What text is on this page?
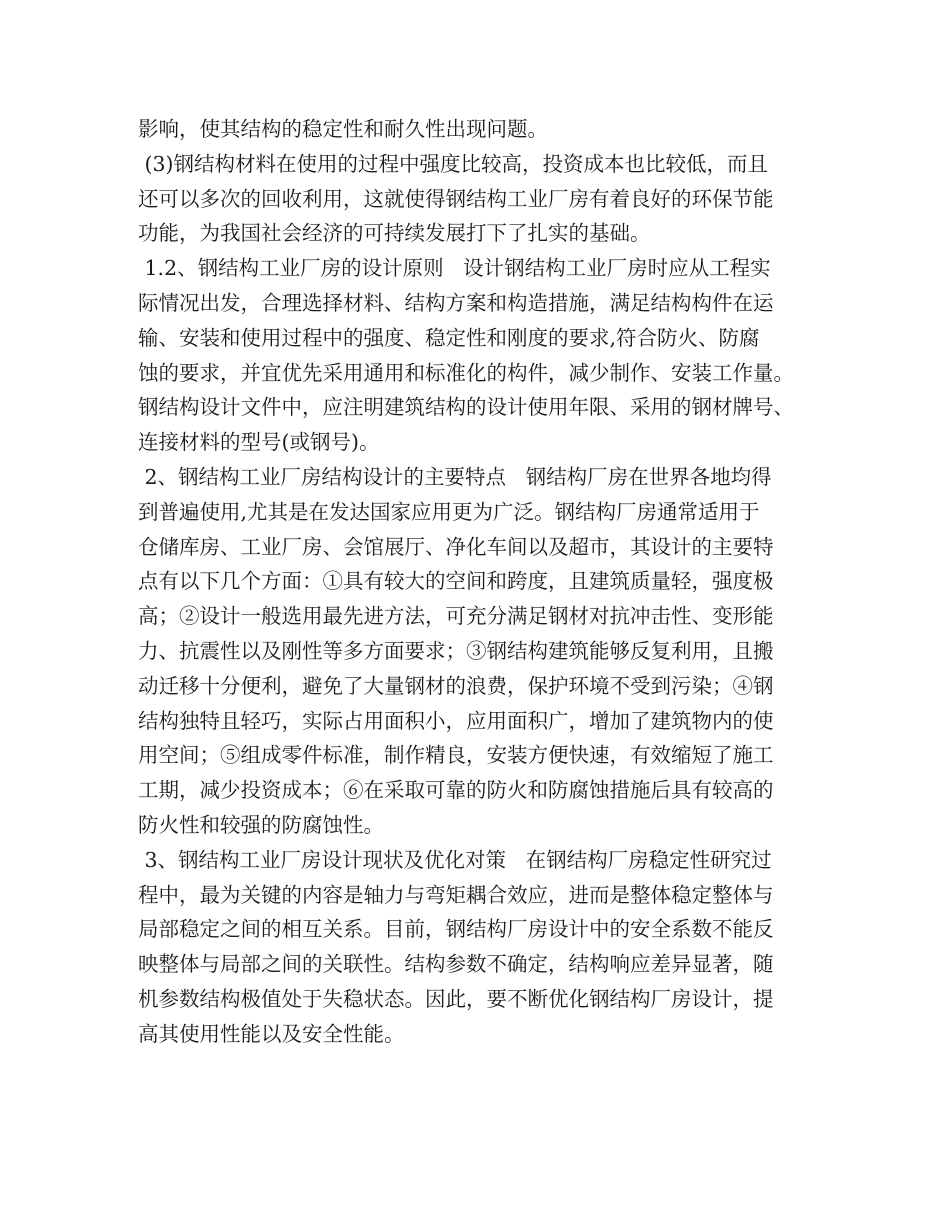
影响，使其结构的稳定性和耐久性出现问题。
(3)钢结构材料在使用的过程中强度比较高，投资成本也比较低，而且
还可以多次的回收利用，这就使得钢结构工业厂房有着良好的环保节能
功能，为我国社会经济的可持续发展打下了扎实的基础。
1.2、钢结构工业厂房的设计原则   设计钢结构工业厂房时应从工程实
际情况出发，合理选择材料、结构方案和构造措施，满足结构构件在运
输、安装和使用过程中的强度、稳定性和刚度的要求,符合防火、防腐
蚀的要求，并宜优先采用通用和标准化的构件，减少制作、安装工作量。
钢结构设计文件中，应注明建筑结构的设计使用年限、采用的钢材牌号、
连接材料的型号(或钢号)。
2、钢结构工业厂房结构设计的主要特点   钢结构厂房在世界各地均得
到普遍使用,尤其是在发达国家应用更为广泛。钢结构厂房通常适用于
仓储库房、工业厂房、会馆展厅、净化车间以及超市，其设计的主要特
点有以下几个方面：①具有较大的空间和跨度，且建筑质量轻，强度极
高；②设计一般选用最先进方法，可充分满足钢材对抗冲击性、变形能
力、抗震性以及刚性等多方面要求；③钢结构建筑能够反复利用，且搬
动迁移十分便利，避免了大量钢材的浪费，保护环境不受到污染；④钢
结构独特且轻巧，实际占用面积小，应用面积广，增加了建筑物内的使
用空间；⑤组成零件标准，制作精良，安装方便快速，有效缩短了施工
工期，减少投资成本；⑥在采取可靠的防火和防腐蚀措施后具有较高的
防火性和较强的防腐蚀性。
3、钢结构工业厂房设计现状及优化对策   在钢结构厂房稳定性研究过
程中，最为关键的内容是轴力与弯矩耦合效应，进而是整体稳定整体与
局部稳定之间的相互关系。目前，钢结构厂房设计中的安全系数不能反
映整体与局部之间的关联性。结构参数不确定，结构响应差异显著，随
机参数结构极值处于失稳状态。因此，要不断优化钢结构厂房设计，提
高其使用性能以及安全性能。
